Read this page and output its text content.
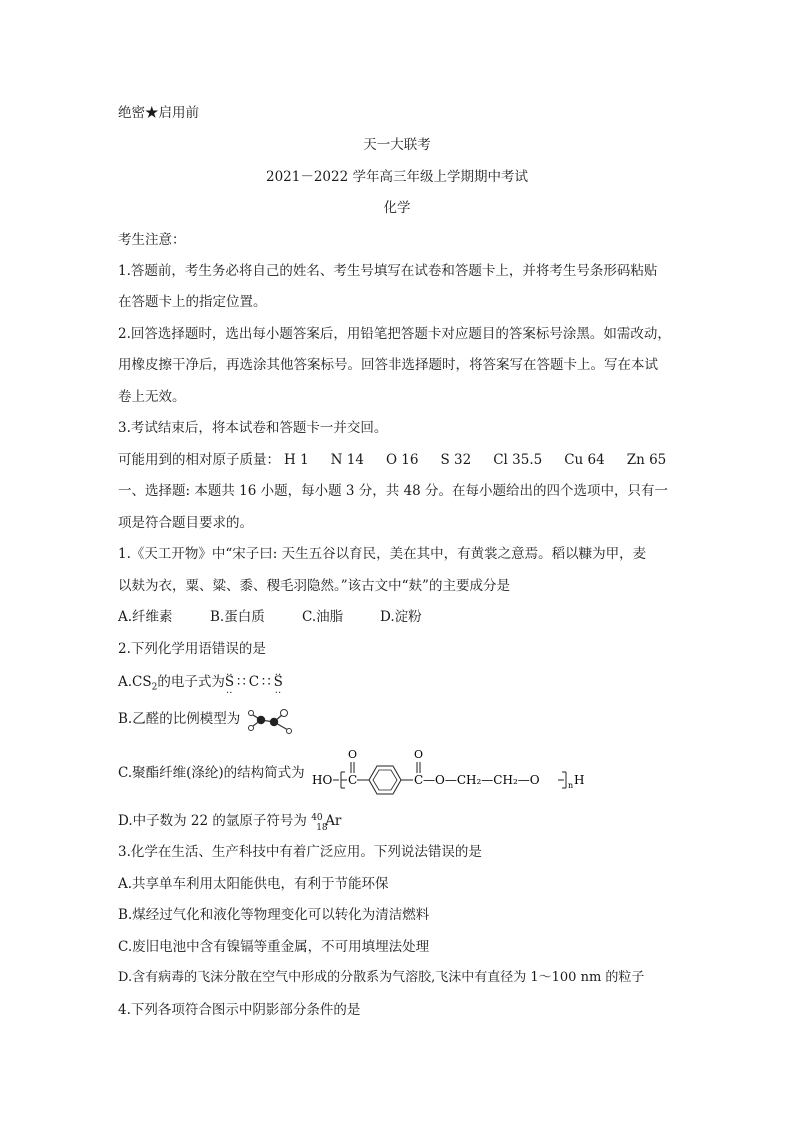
绝密★启用前
天一大联考
2021－2022 学年高三年级上学期期中考试
化学
考生注意：
1.答题前，考生务必将自己的姓名、考生号填写在试卷和答题卡上，并将考生号条形码粘贴
在答题卡上的指定位置。
2.回答选择题时，选出每小题答案后，用铅笔把答题卡对应题目的答案标号涂黑。如需改动，
用橡皮擦干净后，再选涂其他答案标号。回答非选择题时，将答案写在答题卡上。写在本试
卷上无效。
3.考试结束后，将本试卷和答题卡一并交回。
可能用到的相对原子质量： H 1 N 14 O 16 S 32 Cl 35.5 Cu 64 Zn 65
一、选择题: 本题共 16 小题，每小题 3 分，共 48 分。在每小题给出的四个选项中，只有一
项是符合题目要求的。
1.《天工开物》中“宋子曰: 天生五谷以育民，美在其中，有黄裳之意焉。稻以糠为甲，麦
以麸为衣，粟、粱、黍、稷毛羽隐然。”该古文中“麸”的主要成分是
A.纤维素	B.蛋白质	C.油脂	D.淀粉
2.下列化学用语错误的是
$A.CS_2$的电子式为‥ S ‥ ∷ C ∷‥ S ‥
B.乙醛的比例模型为
C.聚酯纤维(涤纶)的结构简式为 HO C
O
C
O
—O—CH₂—CH₂—O	n H
D.中子数为 22 的氩原子符号为 40
18
Ar
3.化学在生活、生产科技中有着广泛应用。下列说法错误的是
A.共享单车利用太阳能供电，有利于节能环保
B.煤经过气化和液化等物理变化可以转化为清洁燃料
C.废旧电池中含有镍镉等重金属，不可用填埋法处理
D.含有病毒的飞沫分散在空气中形成的分散系为气溶胶,飞沫中有直径为 1～100 nm 的粒子
4.下列各项符合图示中阴影部分条件的是
